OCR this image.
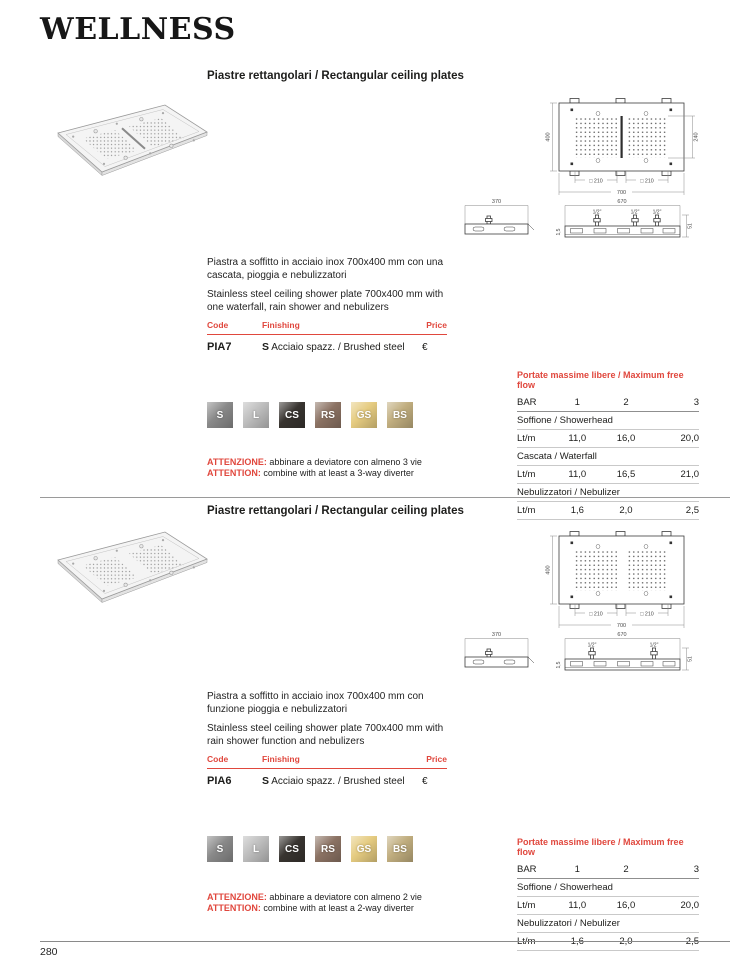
WELLNESS
Piastre rettangolari / Rectangular ceiling plates
400	240
□ 210	□ 210
700
670
1/2"	1/2"	1/2"
1,5
51
370

Piastra a soffitto in acciaio inox 700x400 mm con una cascata, pioggia e nebulizzatori

Stainless steel ceiling shower plate 700x400 mm with one waterfall, rain shower and nebulizers

Code	Finishing	Price
PIA7	S Acciaio spazz. / Brushed steel	€
S	L	CS	RS	GS	BS
ATTENZIONE: abbinare a deviatore con almeno 3 vie
ATTENTION: combine with at least a 3-way diverter
Portate massime libere / Maximum free flow
BAR	1	2	3
Soffione / Showerhead
Lt/m	11,0	16,0	20,0
Cascata / Waterfall
Lt/m	11,0	16,5	21,0
Nebulizzatori / Nebulizer
Lt/m	1,6	2,0	2,5
Piastre rettangolari / Rectangular ceiling plates
400
□ 210	□ 210
700
670
1/2"	1/2"
1,5
51
370

Piastra a soffitto in acciaio inox 700x400 mm con funzione pioggia e nebulizzatori

Stainless steel ceiling shower plate 700x400 mm with rain shower function and nebulizers

Code	Finishing	Price
PIA6	S Acciaio spazz. / Brushed steel	€
S	L	CS	RS	GS	BS
ATTENZIONE: abbinare a deviatore con almeno 2 vie
ATTENTION: combine with at least a 2-way diverter
Portate massime libere / Maximum free flow
BAR	1	2	3
Soffione / Showerhead
Lt/m	11,0	16,0	20,0
Nebulizzatori / Nebulizer
Lt/m	1,6	2,0	2,5
280
